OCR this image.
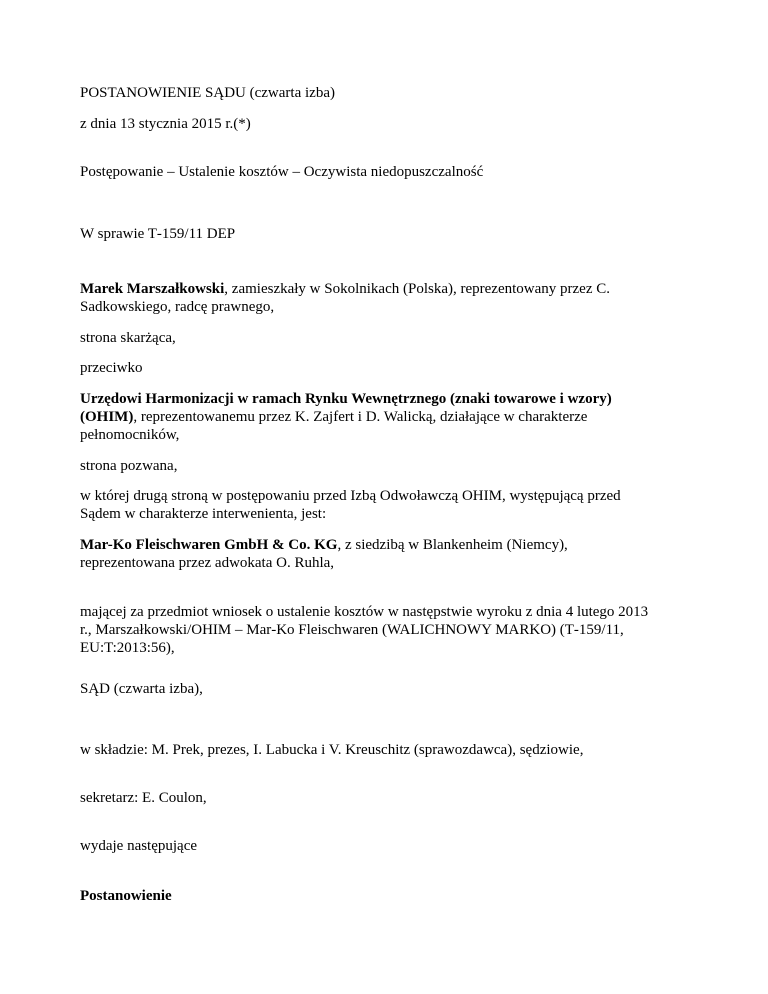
POSTANOWIENIE SĄDU (czwarta izba)

z dnia 13 stycznia 2015 r.(*)

Postępowanie – Ustalenie kosztów – Oczywista niedopuszczalność

W sprawie T‑159/11 DEP

Marek Marszałkowski, zamieszkały w Sokolnikach (Polska), reprezentowany przez C. Sadkowskiego, radcę prawnego,

strona skarżąca,

przeciwko

Urzędowi Harmonizacji w ramach Rynku Wewnętrznego (znaki towarowe i wzory) (OHIM), reprezentowanemu przez K. Zajfert i D. Walicką, działające w charakterze pełnomocników,

strona pozwana,

w której drugą stroną w postępowaniu przed Izbą Odwoławczą OHIM, występującą przed Sądem w charakterze interwenienta, jest:

Mar-Ko Fleischwaren GmbH & Co. KG, z siedzibą w Blankenheim (Niemcy), reprezentowana przez adwokata O. Ruhla,

mającej za przedmiot wniosek o ustalenie kosztów w następstwie wyroku z dnia 4 lutego 2013 r., Marszałkowski/OHIM – Mar‑Ko Fleischwaren (WALICHNOWY MARKO) (T‑159/11, EU:T:2013:56),

SĄD (czwarta izba),

w składzie: M. Prek, prezes, I. Labucka i V. Kreuschitz (sprawozdawca), sędziowie,

sekretarz: E. Coulon,

wydaje następujące

Postanowienie
